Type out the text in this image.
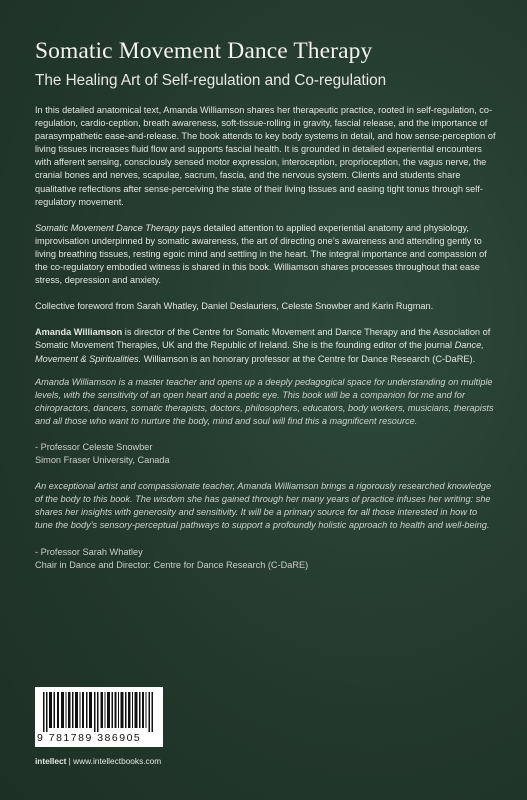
Somatic Movement Dance Therapy
The Healing Art of Self-regulation and Co-regulation

In this detailed anatomical text, Amanda Williamson shares her therapeutic practice, rooted in self-regulation, co-regulation, cardio-ception, breath awareness, soft-tissue-rolling in gravity, fascial release, and the importance of parasympathetic ease-and-release. The book attends to key body systems in detail, and how sense-perception of living tissues increases fluid flow and supports fascial health. It is grounded in detailed experiential encounters with afferent sensing, consciously sensed motor expression, interoception, proprioception, the vagus nerve, the cranial bones and nerves, scapulae, sacrum, fascia, and the nervous system. Clients and students share qualitative reflections after sense-perceiving the state of their living tissues and easing tight tonus through self-regulatory movement.

Somatic Movement Dance Therapy pays detailed attention to applied experiential anatomy and physiology, improvisation underpinned by somatic awareness, the art of directing one’s awareness and attending gently to living breathing tissues, resting egoic mind and settling in the heart. The integral importance and compassion of the co-regulatory embodied witness is shared in this book. Williamson shares processes throughout that ease stress, depression and anxiety.

Collective foreword from Sarah Whatley, Daniel Deslauriers, Celeste Snowber and Karin Rugman.

Amanda Williamson is director of the Centre for Somatic Movement and Dance Therapy and the Association of Somatic Movement Therapies, UK and the Republic of Ireland. She is the founding editor of the journal Dance, Movement & Spiritualities. Williamson is an honorary professor at the Centre for Dance Research (C-DaRE).

Amanda Williamson is a master teacher and opens up a deeply pedagogical space for understanding on multiple levels, with the sensitivity of an open heart and a poetic eye. This book will be a companion for me and for chiropractors, dancers, somatic therapists, doctors, philosophers, educators, body workers, musicians, therapists and all those who want to nurture the body, mind and soul will find this a magnificent resource.

- Professor Celeste Snowber

Simon Fraser University, Canada

An exceptional artist and compassionate teacher, Amanda Williamson brings a rigorously researched knowledge of the body to this book. The wisdom she has gained through her many years of practice infuses her writing: she shares her insights with generosity and sensitivity. It will be a primary source for all those interested in how to tune the body’s sensory-perceptual pathways to support a profoundly holistic approach to health and well-being.

- Professor Sarah Whatley

Chair in Dance and Director: Centre for Dance Research (C-DaRE)

9 781789 386905
intellect | www.intellectbooks.com
